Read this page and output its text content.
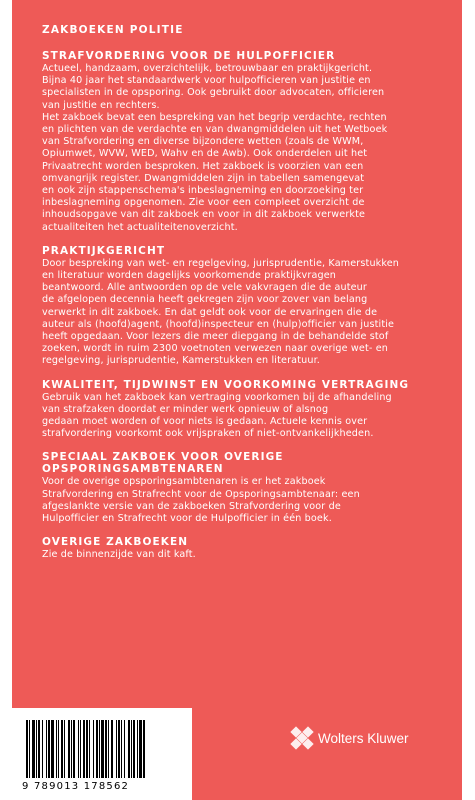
ZAKBOEKEN POLITIE
STRAFVORDERING VOOR DE HULPOFFICIER
Actueel, handzaam, overzichtelijk, betrouwbaar en praktijkgericht.
Bijna 40 jaar het standaardwerk voor hulpofficieren van justitie en
specialisten in de opsporing. Ook gebruikt door advocaten, officieren
van justitie en rechters.
Het zakboek bevat een bespreking van het begrip verdachte, rechten
en plichten van de verdachte en van dwangmiddelen uit het Wetboek
van Strafvordering en diverse bijzondere wetten (zoals de WWM,
Opiumwet, WVW, WED, Wahv en de Awb). Ook onderdelen uit het
Privaatrecht worden besproken. Het zakboek is voorzien van een
omvangrijk register. Dwangmiddelen zijn in tabellen samengevat
en ook zijn stappenschema's inbeslagneming en doorzoeking ter
inbeslagneming opgenomen. Zie voor een compleet overzicht de
inhoudsopgave van dit zakboek en voor in dit zakboek verwerkte
actualiteiten het actualiteitenoverzicht.
PRAKTIJKGERICHT
Door bespreking van wet- en regelgeving, jurisprudentie, Kamerstukken
en literatuur worden dagelijks voorkomende praktijkvragen
beantwoord. Alle antwoorden op de vele vakvragen die de auteur
de afgelopen decennia heeft gekregen zijn voor zover van belang
verwerkt in dit zakboek. En dat geldt ook voor de ervaringen die de
auteur als (hoofd)agent, (hoofd)inspecteur en (hulp)officier van justitie
heeft opgedaan. Voor lezers die meer diepgang in de behandelde stof
zoeken, wordt in ruim 2300 voetnoten verwezen naar overige wet- en
regelgeving, jurisprudentie, Kamerstukken en literatuur.
KWALITEIT, TIJDWINST EN VOORKOMING VERTRAGING
Gebruik van het zakboek kan vertraging voorkomen bij de afhandeling
van strafzaken doordat er minder werk opnieuw of alsnog
gedaan moet worden of voor niets is gedaan. Actuele kennis over
strafvordering voorkomt ook vrijspraken of niet-ontvankelijkheden.
SPECIAAL ZAKBOEK VOOR OVERIGE OPSPORINGSAMBTENAREN
Voor de overige opsporingsambtenaren is er het zakboek
Strafvordering en Strafrecht voor de Opsporingsambtenaar: een
afgeslankte versie van de zakboeken Strafvordering voor de
Hulpofficier en Strafrecht voor de Hulpofficier in één boek.
OVERIGE ZAKBOEKEN
Zie de binnenzijde van dit kaft.
9 789013 178562
Wolters Kluwer
